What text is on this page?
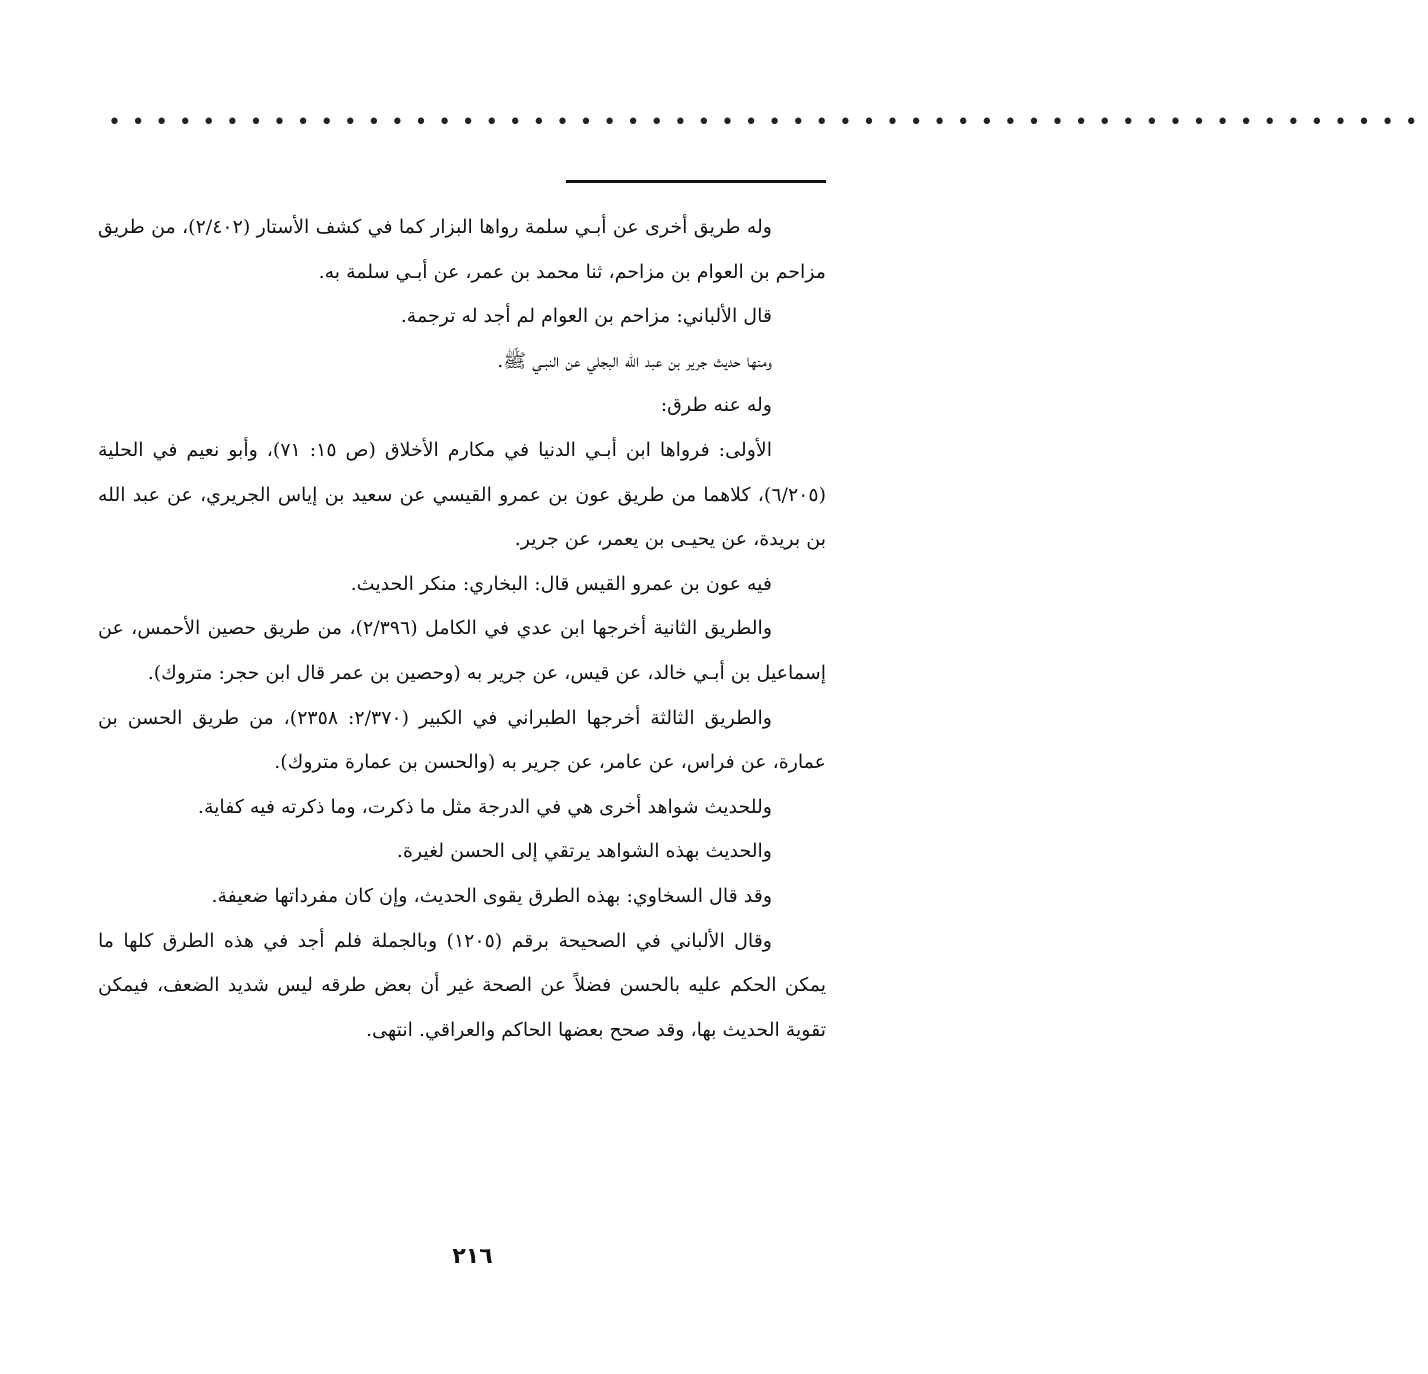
••••••••••••••••••••••••••••••••••••••••••••••••••••••••

وله طريق أخرى عن أبـي سلمة رواها البزار كما في كشف الأستار (٢/٤٠٢)، من طريق مزاحم بن العوام بن مزاحم، ثنا محمد بن عمر، عن أبـي سلمة به.

قال الألباني: مزاحم بن العوام لم أجد له ترجمة.

ومنها حديث جرير بن عبد الله البجلي عن النبـي ﷺ.

وله عنه طرق:

الأولى: فرواها ابن أبـي الدنيا في مكارم الأخلاق (ص ١٥: ٧١)، وأبو نعيم في الحلية (٦/٢٠٥)، كلاهما من طريق عون بن عمرو القيسي عن سعيد بن إياس الجريري، عن عبد الله بن بريدة، عن يحيـى بن يعمر، عن جرير.

فيه عون بن عمرو القيس قال: البخاري: منكر الحديث.

والطريق الثانية أخرجها ابن عدي في الكامل (٢/٣٩٦)، من طريق حصين الأحمس، عن إسماعيل بن أبـي خالد، عن قيس، عن جرير به (وحصين بن عمر قال ابن حجر: متروك).

والطريق الثالثة أخرجها الطبراني في الكبير (٢/٣٧٠: ٢٣٥٨)، من طريق الحسن بن عمارة، عن فراس، عن عامر، عن جرير به (والحسن بن عمارة متروك).

وللحديث شواهد أخرى هي في الدرجة مثل ما ذكرت، وما ذكرته فيه كفاية.

والحديث بهذه الشواهد يرتقي إلى الحسن لغيرة.

وقد قال السخاوي: بهذه الطرق يقوى الحديث، وإن كان مفرداتها ضعيفة.

وقال الألباني في الصحيحة برقم (١٢٠٥) وبالجملة فلم أجد في هذه الطرق كلها ما يمكن الحكم عليه بالحسن فضلاً عن الصحة غير أن بعض طرقه ليس شديد الضعف، فيمكن تقوية الحديث بها، وقد صحح بعضها الحاكم والعراقي. انتهى.

٢١٦
